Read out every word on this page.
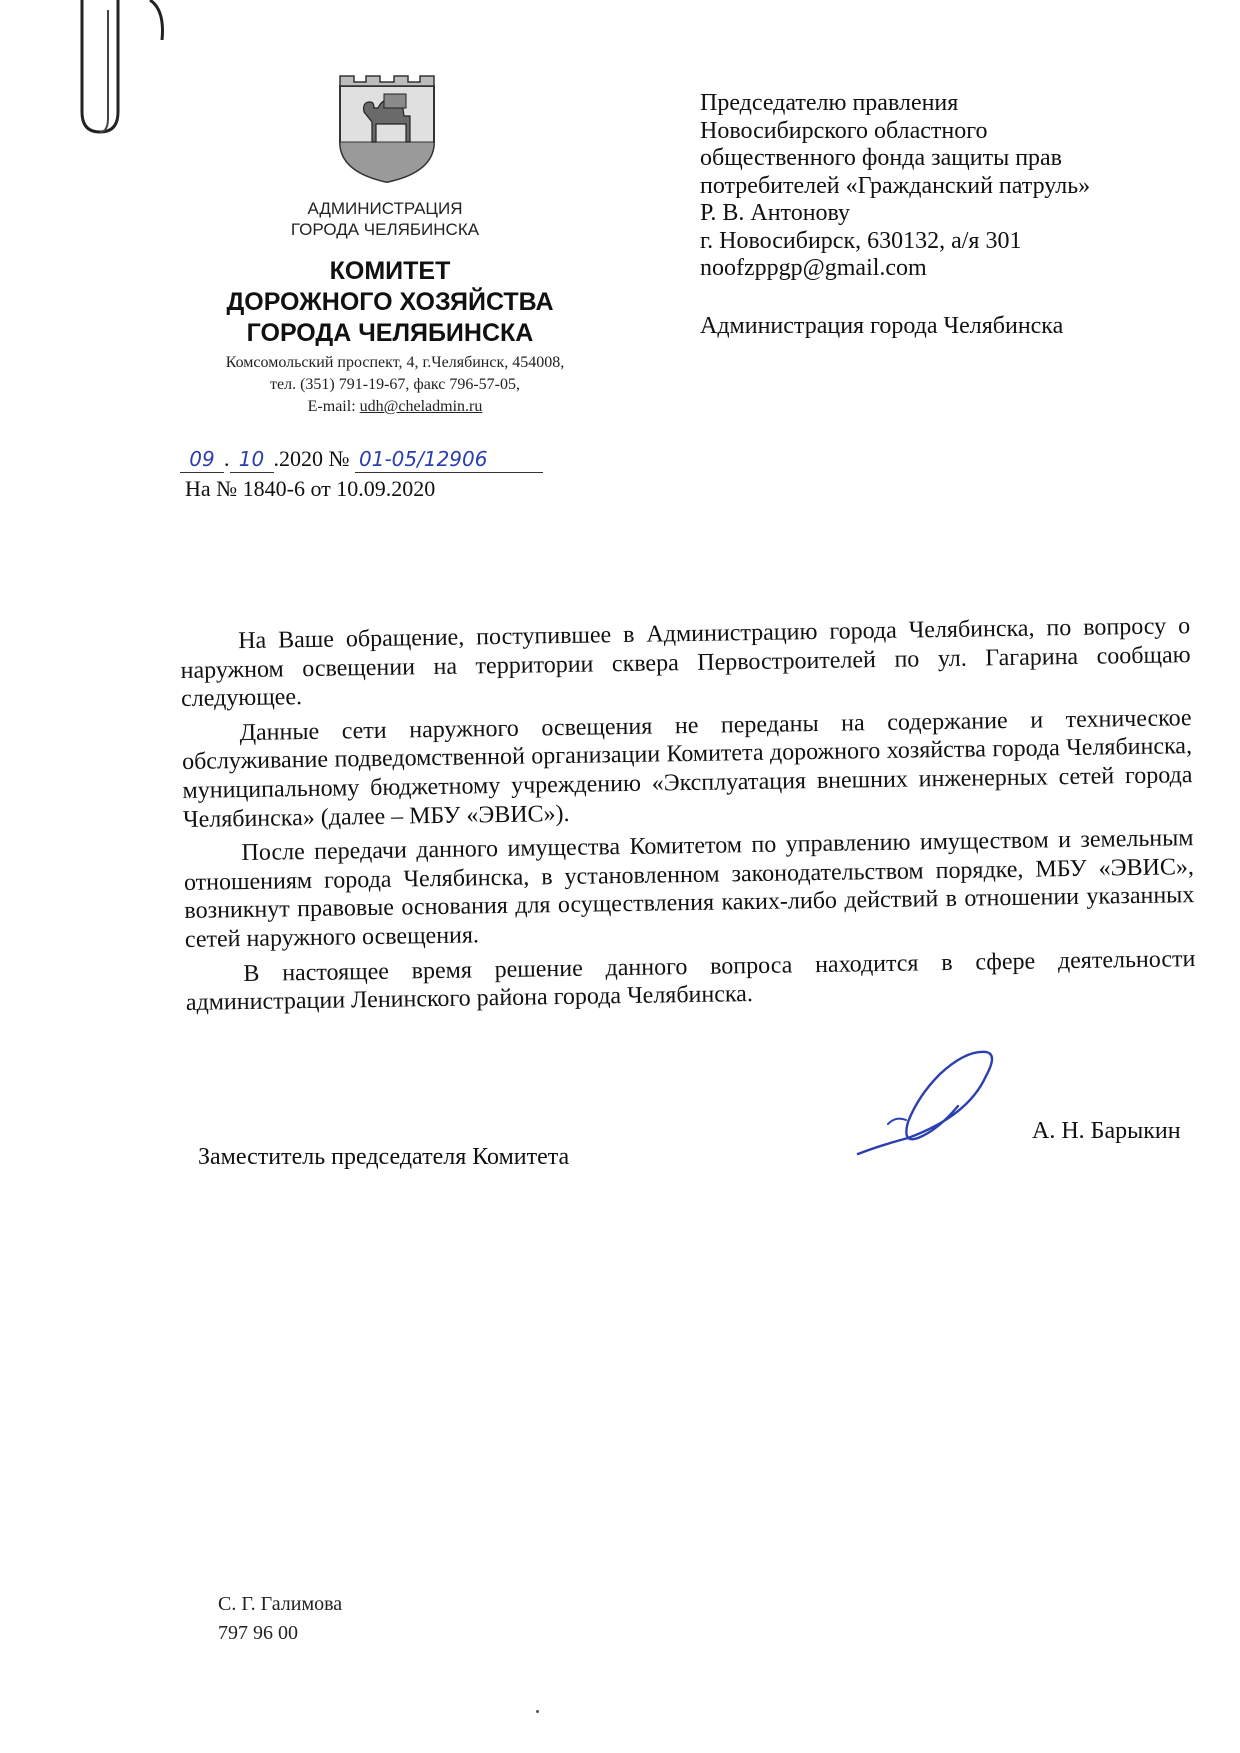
АДМИНИСТРАЦИЯ
ГОРОДА ЧЕЛЯБИНСКА
КОМИТЕТ
ДОРОЖНОГО ХОЗЯЙСТВА
ГОРОДА ЧЕЛЯБИНСКА
Комсомольский проспект, 4, г.Челябинск, 454008,
тел. (351) 791-19-67, факс 796-57-05,
E-mail: udh@cheladmin.ru
09 . 10 .2020 № 01-05/12906
На № 1840-6 от 10.09.2020
Председателю правления
Новосибирского областного
общественного фонда защиты прав
потребителей «Гражданский патруль»
Р. В. Антонову
г. Новосибирск, 630132, а/я 301
noofzppgp@gmail.com
Администрация города Челябинска

На Ваше обращение, поступившее в Администрацию города Челябинска, по вопросу о наружном освещении на территории сквера Первостроителей по ул. Гагарина сообщаю следующее.

Данные сети наружного освещения не переданы на содержание и техническое обслуживание подведомственной организации Комитета дорожного хозяйства города Челябинска, муниципальному бюджетному учреждению «Эксплуатация внешних инженерных сетей города Челябинска» (далее – МБУ «ЭВИС»).

После передачи данного имущества Комитетом по управлению имуществом и земельным отношениям города Челябинска, в установленном законодательством порядке, МБУ «ЭВИС», возникнут правовые основания для осуществления каких-либо действий в отношении указанных сетей наружного освещения.

В настоящее время решение данного вопроса находится в сфере деятельности администрации Ленинского района города Челябинска.

Заместитель председателя Комитета
А. Н. Барыкин
С. Г. Галимова
797 96 00
